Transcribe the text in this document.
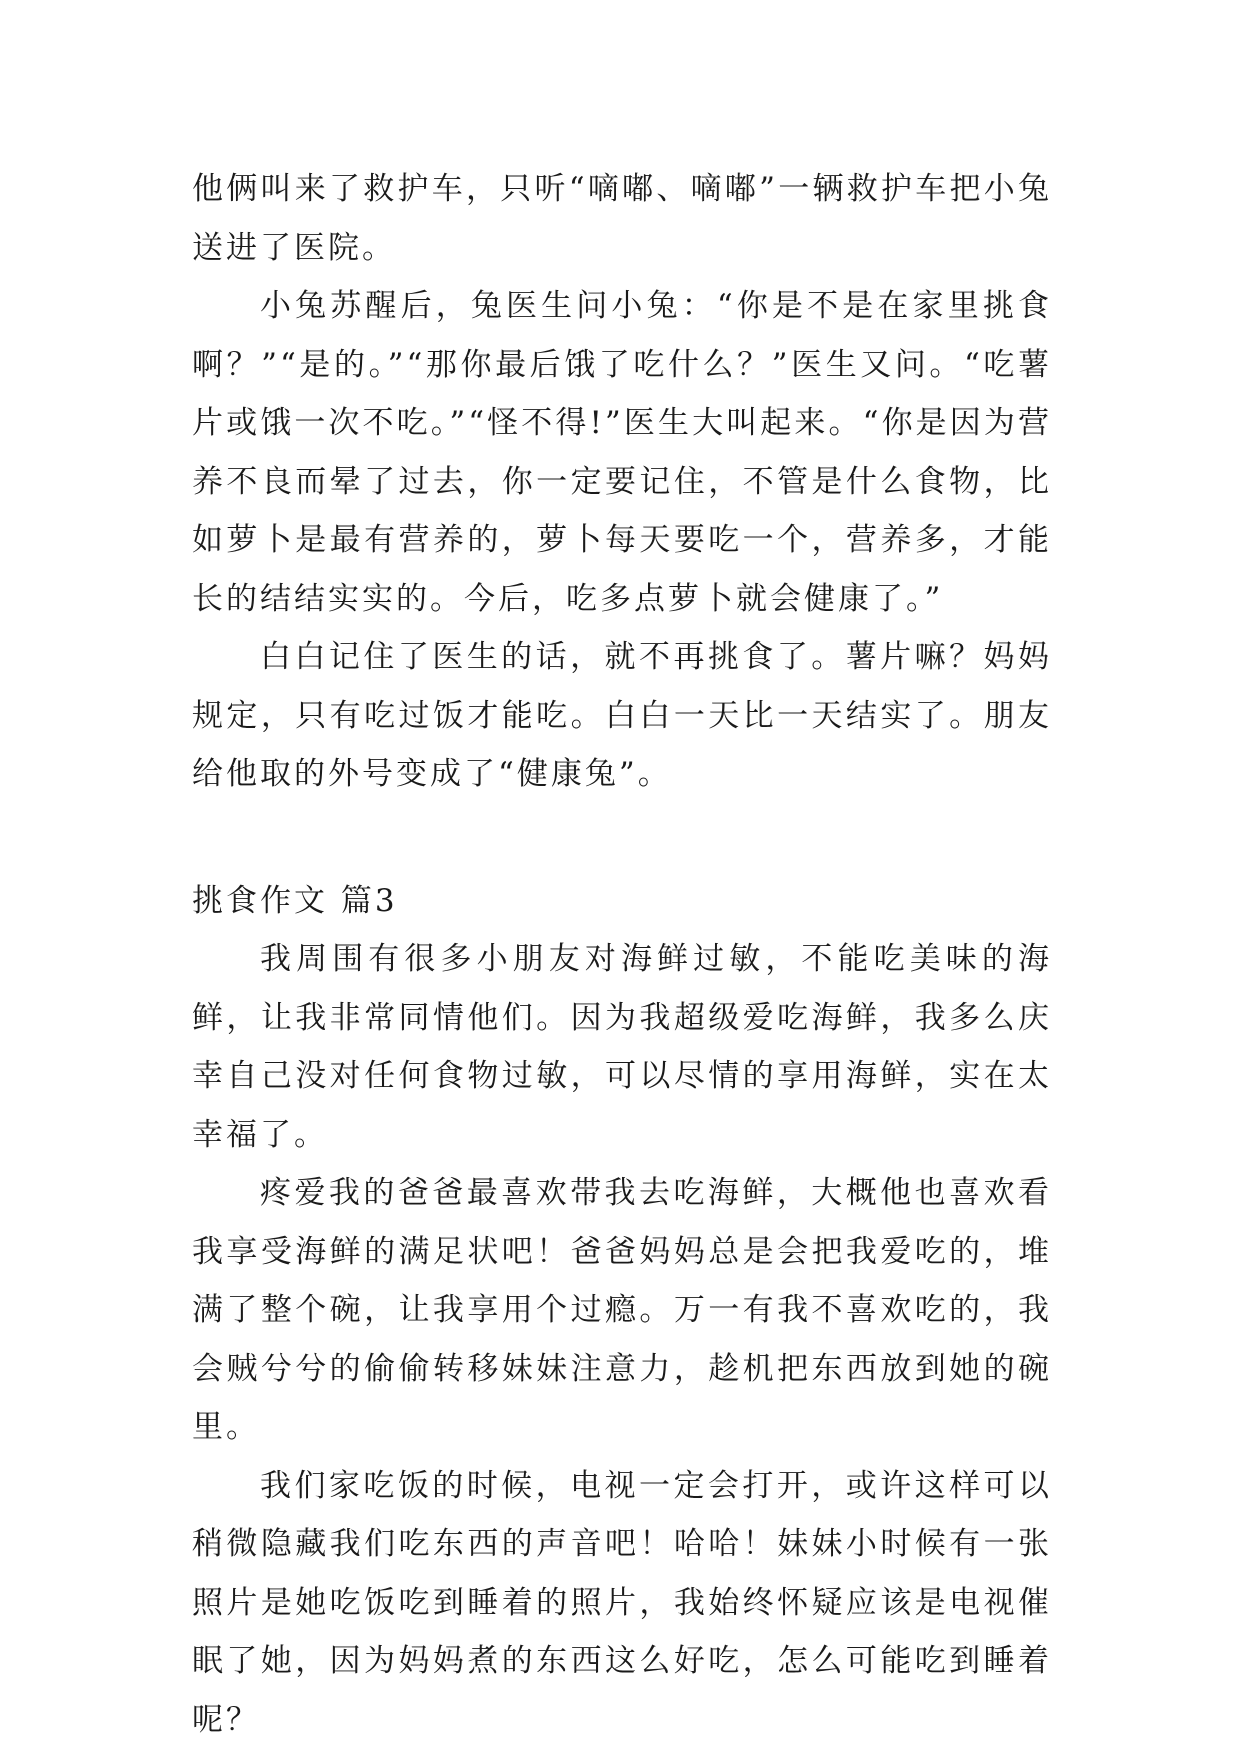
他俩叫来了救护车，只听“嘀嘟、嘀嘟”一辆救护车把小兔送进了医院。

小兔苏醒后，兔医生问小兔：“你是不是在家里挑食啊？”“是的。”“那你最后饿了吃什么？”医生又问。“吃薯片或饿一次不吃。”“怪不得!”医生大叫起来。“你是因为营养不良而晕了过去，你一定要记住，不管是什么食物，比如萝卜是最有营养的，萝卜每天要吃一个，营养多，才能长的结结实实的。今后，吃多点萝卜就会健康了。”

白白记住了医生的话，就不再挑食了。薯片嘛？妈妈规定，只有吃过饭才能吃。白白一天比一天结实了。朋友给他取的外号变成了“健康兔”。

挑食作文 篇3

我周围有很多小朋友对海鲜过敏，不能吃美味的海鲜，让我非常同情他们。因为我超级爱吃海鲜，我多么庆幸自己没对任何食物过敏，可以尽情的享用海鲜，实在太幸福了。

疼爱我的爸爸最喜欢带我去吃海鲜，大概他也喜欢看我享受海鲜的满足状吧！爸爸妈妈总是会把我爱吃的，堆满了整个碗，让我享用个过瘾。万一有我不喜欢吃的，我会贼兮兮的偷偷转移妹妹注意力，趁机把东西放到她的碗里。

我们家吃饭的时候，电视一定会打开，或许这样可以稍微隐藏我们吃东西的声音吧！哈哈！妹妹小时候有一张照片是她吃饭吃到睡着的照片，我始终怀疑应该是电视催眠了她，因为妈妈煮的东西这么好吃，怎么可能吃到睡着呢？
